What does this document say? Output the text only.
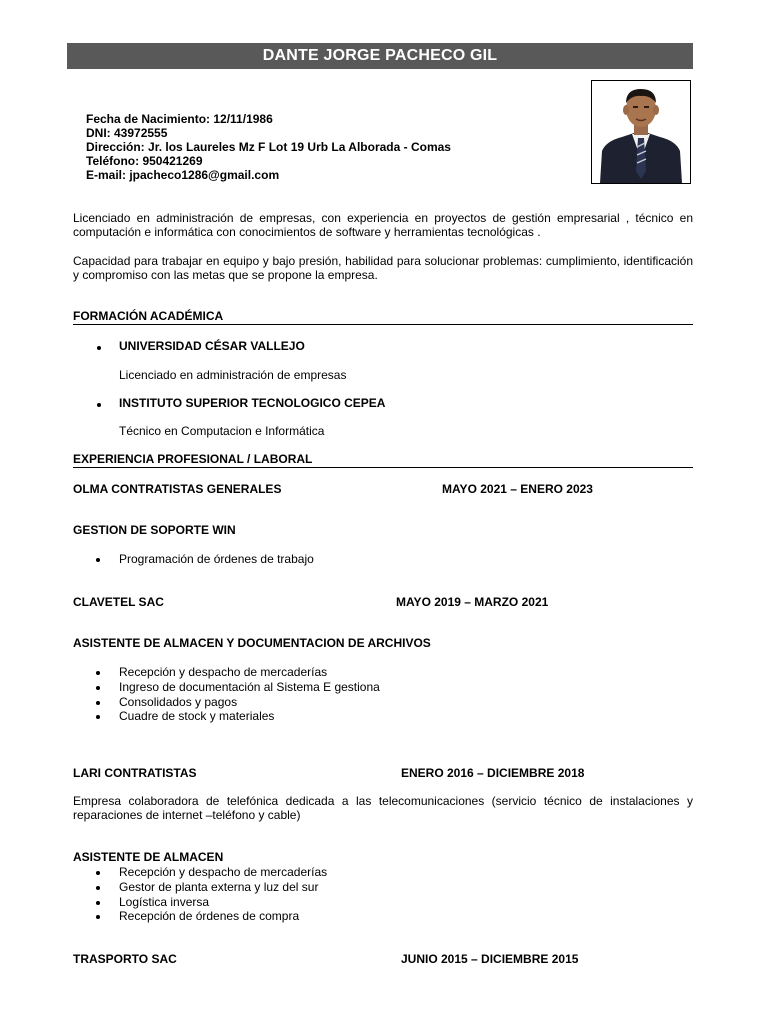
DANTE JORGE PACHECO GIL
Fecha de Nacimiento: 12/11/1986
DNI: 43972555
Dirección: Jr. los Laureles Mz F Lot 19 Urb La Alborada - Comas
Teléfono: 950421269
E-mail: jpacheco1286@gmail.com
Licenciado en administración de empresas, con experiencia en proyectos de gestión empresarial , técnico en computación e informática con conocimientos de software y herramientas tecnológicas .
Capacidad para trabajar en equipo y bajo presión, habilidad para solucionar problemas: cumplimiento, identificación y compromiso con las metas que se propone la empresa.
FORMACIÓN ACADÉMICA
UNIVERSIDAD CÉSAR VALLEJO
Licenciado en administración de empresas
INSTITUTO SUPERIOR TECNOLOGICO CEPEA
Técnico en Computacion e Informática
EXPERIENCIA PROFESIONAL / LABORAL
OLMA CONTRATISTAS GENERALES	MAYO 2021 – ENERO 2023
GESTION DE SOPORTE WIN
Programación de órdenes de trabajo
CLAVETEL SAC	MAYO 2019 – MARZO 2021
ASISTENTE DE ALMACEN Y DOCUMENTACION DE ARCHIVOS
Recepción y despacho de mercaderías
Ingreso de documentación al Sistema E gestiona
Consolidados y pagos
Cuadre de stock y materiales
LARI CONTRATISTAS	ENERO 2016 – DICIEMBRE 2018
Empresa colaboradora de telefónica dedicada a las telecomunicaciones (servicio técnico de instalaciones y reparaciones de internet –teléfono y cable)
ASISTENTE DE ALMACEN
Recepción y despacho de mercaderías
Gestor de planta externa y luz del sur
Logística inversa
Recepción de órdenes de compra
TRASPORTO SAC	JUNIO 2015 – DICIEMBRE 2015
